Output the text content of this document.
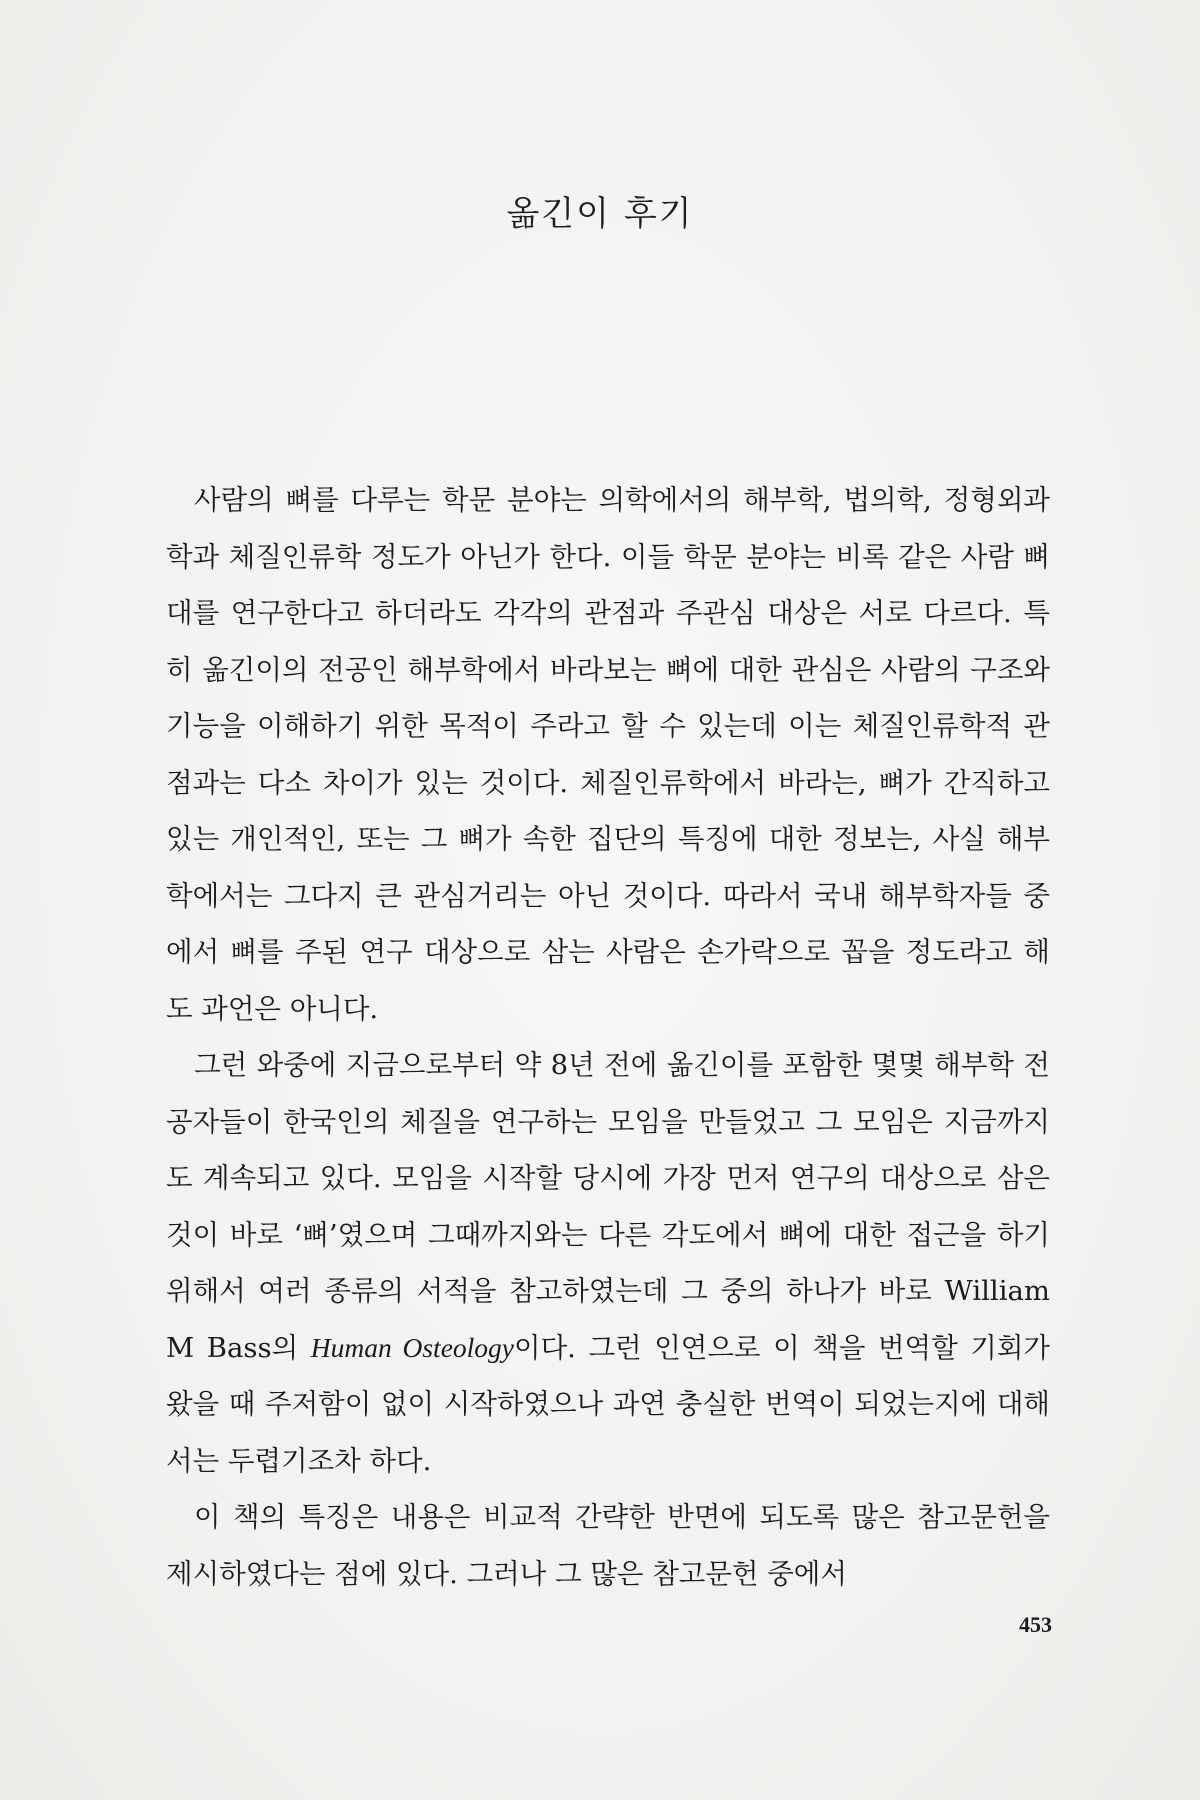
옮긴이 후기

사람의 뼈를 다루는 학문 분야는 의학에서의 해부학, 법의학, 정형외과학과 체질인류학 정도가 아닌가 한다. 이들 학문 분야는 비록 같은 사람 뼈대를 연구한다고 하더라도 각각의 관점과 주관심 대상은 서로 다르다. 특히 옮긴이의 전공인 해부학에서 바라보는 뼈에 대한 관심은 사람의 구조와 기능을 이해하기 위한 목적이 주라고 할 수 있는데 이는 체질인류학적 관점과는 다소 차이가 있는 것이다. 체질인류학에서 바라는, 뼈가 간직하고 있는 개인적인, 또는 그 뼈가 속한 집단의 특징에 대한 정보는, 사실 해부학에서는 그다지 큰 관심거리는 아닌 것이다. 따라서 국내 해부학자들 중에서 뼈를 주된 연구 대상으로 삼는 사람은 손가락으로 꼽을 정도라고 해도 과언은 아니다.

그런 와중에 지금으로부터 약 8년 전에 옮긴이를 포함한 몇몇 해부학 전공자들이 한국인의 체질을 연구하는 모임을 만들었고 그 모임은 지금까지도 계속되고 있다. 모임을 시작할 당시에 가장 먼저 연구의 대상으로 삼은 것이 바로 ‘뼈’였으며 그때까지와는 다른 각도에서 뼈에 대한 접근을 하기 위해서 여러 종류의 서적을 참고하였는데 그 중의 하나가 바로 William M Bass의 Human Osteology이다. 그런 인연으로 이 책을 번역할 기회가 왔을 때 주저함이 없이 시작하였으나 과연 충실한 번역이 되었는지에 대해서는 두렵기조차 하다.

이 책의 특징은 내용은 비교적 간략한 반면에 되도록 많은 참고문헌을 제시하였다는 점에 있다. 그러나 그 많은 참고문헌 중에서

453
